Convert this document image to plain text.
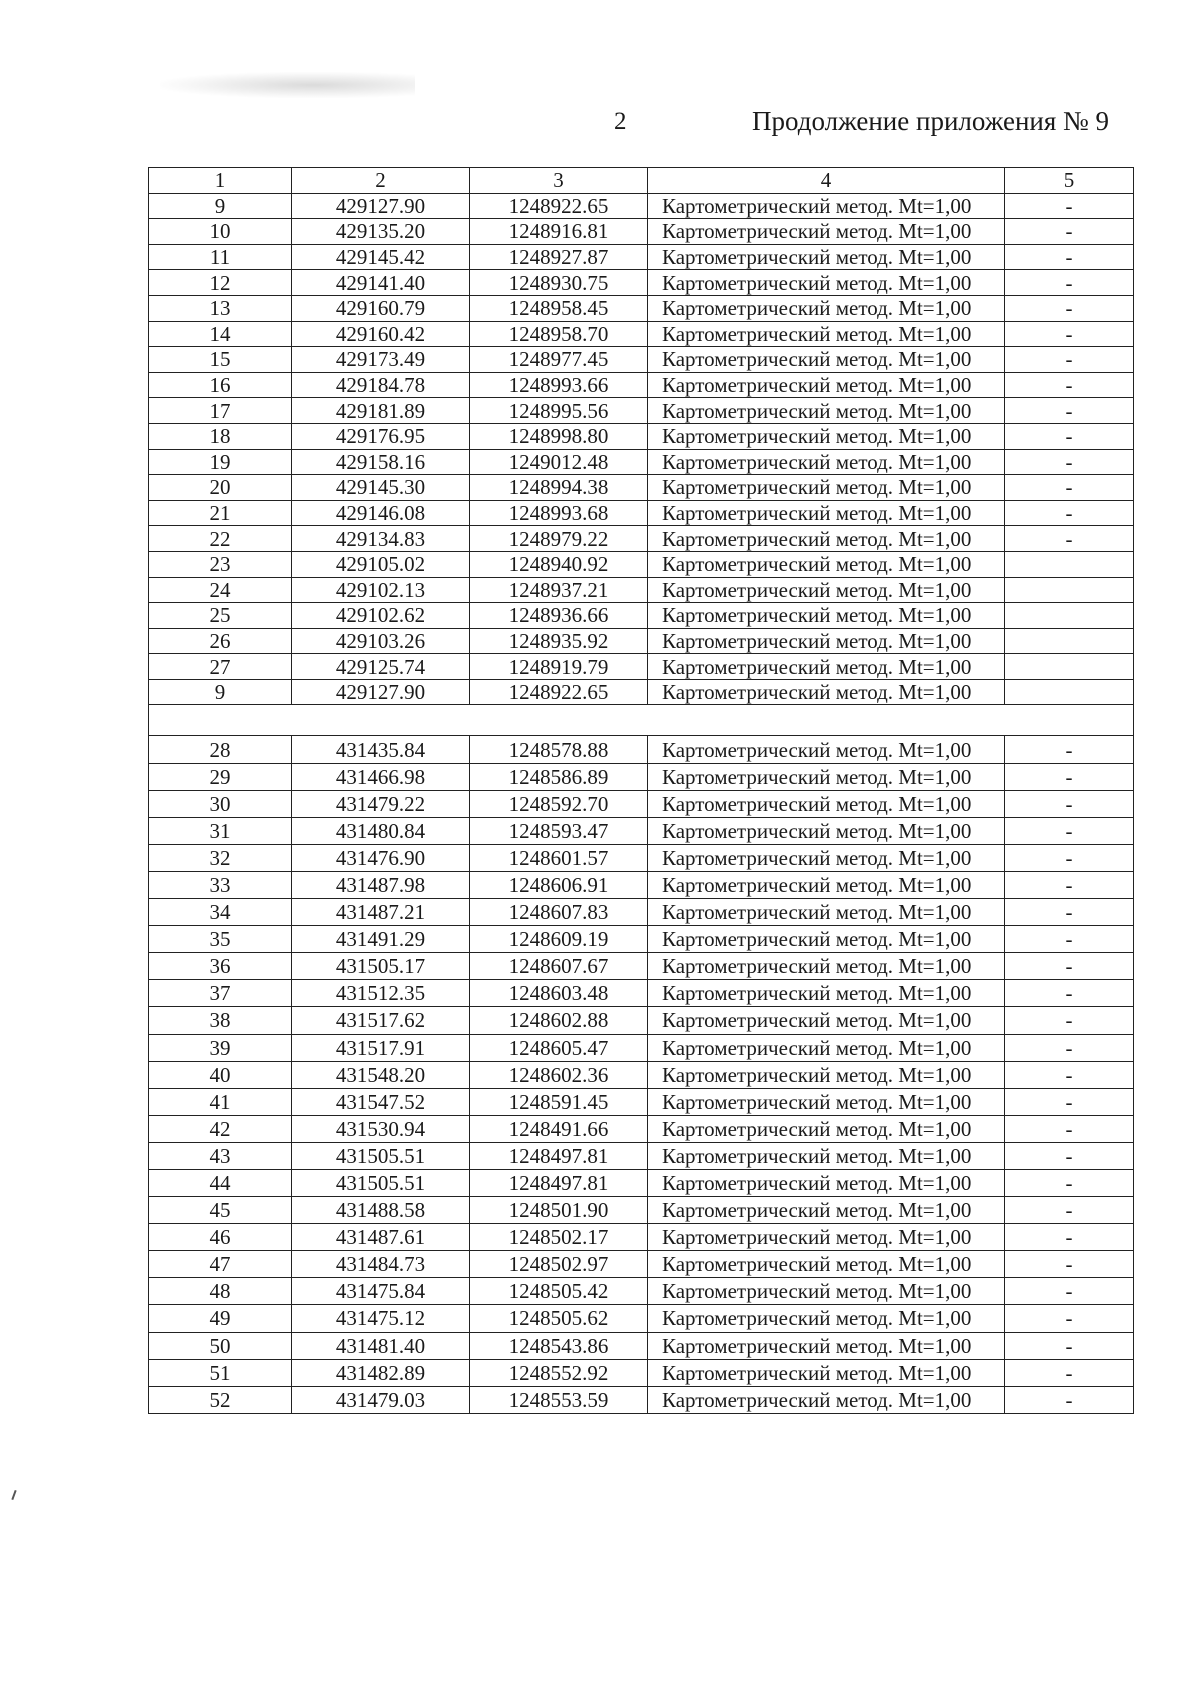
2	Продолжение приложения № 9
1	2	3	4	5
9	429127.90	1248922.65	Картометрический метод. Mt=1,00	-
10	429135.20	1248916.81	Картометрический метод. Mt=1,00	-
11	429145.42	1248927.87	Картометрический метод. Mt=1,00	-
12	429141.40	1248930.75	Картометрический метод. Mt=1,00	-
13	429160.79	1248958.45	Картометрический метод. Mt=1,00	-
14	429160.42	1248958.70	Картометрический метод. Mt=1,00	-
15	429173.49	1248977.45	Картометрический метод. Mt=1,00	-
16	429184.78	1248993.66	Картометрический метод. Mt=1,00	-
17	429181.89	1248995.56	Картометрический метод. Mt=1,00	-
18	429176.95	1248998.80	Картометрический метод. Mt=1,00	-
19	429158.16	1249012.48	Картометрический метод. Mt=1,00	-
20	429145.30	1248994.38	Картометрический метод. Mt=1,00	-
21	429146.08	1248993.68	Картометрический метод. Mt=1,00	-
22	429134.83	1248979.22	Картометрический метод. Mt=1,00	-
23	429105.02	1248940.92	Картометрический метод. Mt=1,00	
24	429102.13	1248937.21	Картометрический метод. Mt=1,00	
25	429102.62	1248936.66	Картометрический метод. Mt=1,00	
26	429103.26	1248935.92	Картометрический метод. Mt=1,00	
27	429125.74	1248919.79	Картометрический метод. Mt=1,00	
9	429127.90	1248922.65	Картометрический метод. Mt=1,00	

28	431435.84	1248578.88	Картометрический метод. Mt=1,00	-
29	431466.98	1248586.89	Картометрический метод. Mt=1,00	-
30	431479.22	1248592.70	Картометрический метод. Mt=1,00	-
31	431480.84	1248593.47	Картометрический метод. Mt=1,00	-
32	431476.90	1248601.57	Картометрический метод. Mt=1,00	-
33	431487.98	1248606.91	Картометрический метод. Mt=1,00	-
34	431487.21	1248607.83	Картометрический метод. Mt=1,00	-
35	431491.29	1248609.19	Картометрический метод. Mt=1,00	-
36	431505.17	1248607.67	Картометрический метод. Mt=1,00	-
37	431512.35	1248603.48	Картометрический метод. Mt=1,00	-
38	431517.62	1248602.88	Картометрический метод. Mt=1,00	-
39	431517.91	1248605.47	Картометрический метод. Mt=1,00	-
40	431548.20	1248602.36	Картометрический метод. Mt=1,00	-
41	431547.52	1248591.45	Картометрический метод. Mt=1,00	-
42	431530.94	1248491.66	Картометрический метод. Mt=1,00	-
43	431505.51	1248497.81	Картометрический метод. Mt=1,00	-
44	431505.51	1248497.81	Картометрический метод. Mt=1,00	-
45	431488.58	1248501.90	Картометрический метод. Mt=1,00	-
46	431487.61	1248502.17	Картометрический метод. Mt=1,00	-
47	431484.73	1248502.97	Картометрический метод. Mt=1,00	-
48	431475.84	1248505.42	Картометрический метод. Mt=1,00	-
49	431475.12	1248505.62	Картометрический метод. Mt=1,00	-
50	431481.40	1248543.86	Картометрический метод. Mt=1,00	-
51	431482.89	1248552.92	Картометрический метод. Mt=1,00	-
52	431479.03	1248553.59	Картометрический метод. Mt=1,00	-
